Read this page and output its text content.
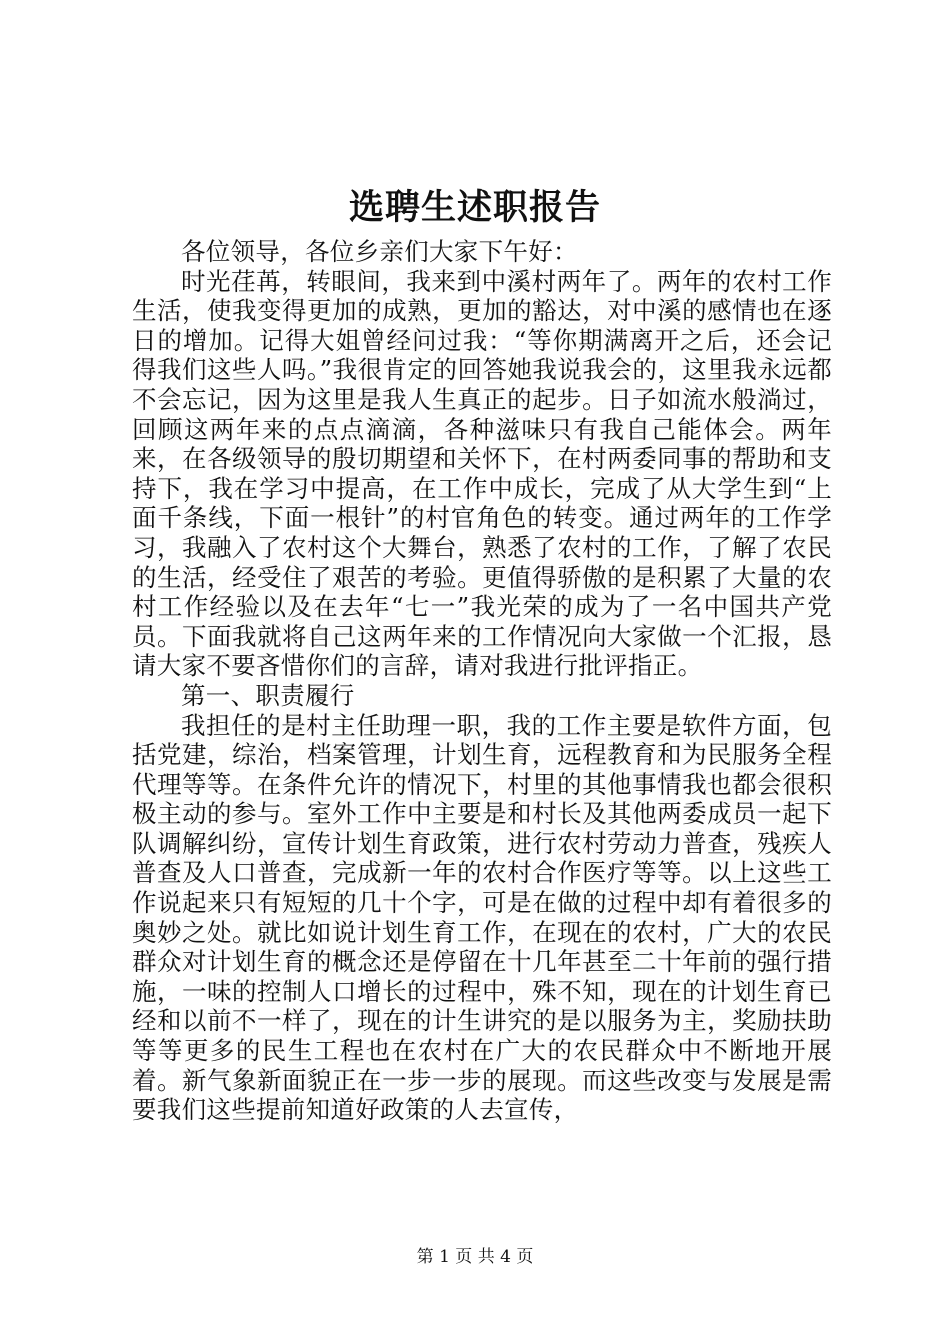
选聘生述职报告

各位领导，各位乡亲们大家下午好：

时光荏苒，转眼间，我来到中溪村两年了。两年的农村工作生活，使我变得更加的成熟，更加的豁达，对中溪的感情也在逐日的增加。记得大姐曾经问过我：“等你期满离开之后，还会记得我们这些人吗。”我很肯定的回答她我说我会的，这里我永远都不会忘记，因为这里是我人生真正的起步。日子如流水般淌过，回顾这两年来的点点滴滴，各种滋味只有我自己能体会。两年来，在各级领导的殷切期望和关怀下，在村两委同事的帮助和支持下，我在学习中提高，在工作中成长，完成了从大学生到“上面千条线，下面一根针”的村官角色的转变。通过两年的工作学习，我融入了农村这个大舞台，熟悉了农村的工作，了解了农民的生活，经受住了艰苦的考验。更值得骄傲的是积累了大量的农村工作经验以及在去年“七一”我光荣的成为了一名中国共产党员。下面我就将自己这两年来的工作情况向大家做一个汇报，恳请大家不要吝惜你们的言辞，请对我进行批评指正。

第一、职责履行

我担任的是村主任助理一职，我的工作主要是软件方面，包括党建，综治，档案管理，计划生育，远程教育和为民服务全程代理等等。在条件允许的情况下，村里的其他事情我也都会很积极主动的参与。室外工作中主要是和村长及其他两委成员一起下队调解纠纷，宣传计划生育政策，进行农村劳动力普查，残疾人普查及人口普查，完成新一年的农村合作医疗等等。以上这些工作说起来只有短短的几十个字，可是在做的过程中却有着很多的奥妙之处。就比如说计划生育工作，在现在的农村，广大的农民群众对计划生育的概念还是停留在十几年甚至二十年前的强行措施，一味的控制人口增长的过程中，殊不知，现在的计划生育已经和以前不一样了，现在的计生讲究的是以服务为主，奖励扶助等等更多的民生工程也在农村在广大的农民群众中不断地开展着。新气象新面貌正在一步一步的展现。而这些改变与发展是需要我们这些提前知道好政策的人去宣传，

第 1 页 共 4 页
